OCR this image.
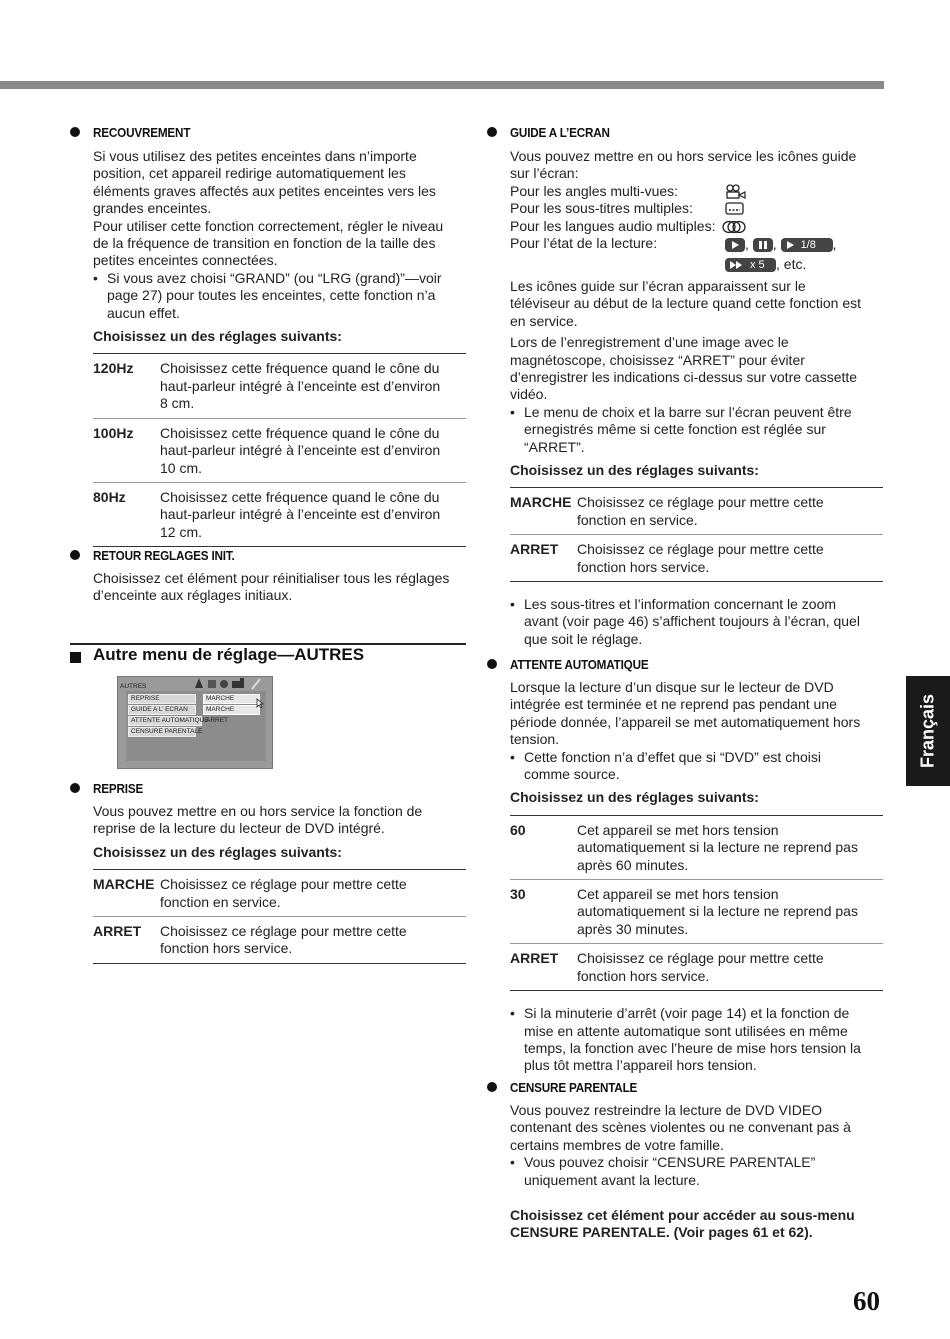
RECOUVREMENT

Si vous utilisez des petites enceintes dans n’importe

position, cet appareil redirige automatiquement les

éléments graves affectés aux petites enceintes vers les

grandes enceintes.

Pour utiliser cette fonction correctement, régler le niveau

de la fréquence de transition en fonction de la taille des

petites enceintes connectées.

• Si vous avez choisi “GRAND” (ou “LRG (grand)”—voir

page 27) pour toutes les enceintes, cette fonction n’a

aucun effet.

Choisissez un des réglages suivants:

120Hz	Choisissez cette fréquence quand le cône du
haut-parleur intégré à l’enceinte est d’environ
8 cm.

100Hz	Choisissez cette fréquence quand le cône du
haut-parleur intégré à l’enceinte est d’environ
10 cm.

80Hz	Choisissez cette fréquence quand le cône du
haut-parleur intégré à l’enceinte est d’environ
12 cm.
RETOUR REGLAGES INIT.

Choisissez cet élément pour réinitialiser tous les réglages

d’enceinte aux réglages initiaux.

Autre menu de réglage—AUTRES
AUTRES
REPRISE
GUIDE A L’ ECRAN
ATTENTE AUTOMATIQUE
CENSURE PARENTALE
MARCHE
MARCHE
ARRET
REPRISE

Vous pouvez mettre en ou hors service la fonction de

reprise de la lecture du lecteur de DVD intégré.

Choisissez un des réglages suivants:

MARCHE	Choisissez ce réglage pour mettre cette
fonction en service.

ARRET	Choisissez ce réglage pour mettre cette
fonction hors service.
GUIDE A L’ECRAN

Vous pouvez mettre en ou hors service les icônes guide

sur l’écran:

Pour les angles multi-vues:
Pour les sous-titres multiples:
Pour les langues audio multiples:
Pour l’état de la lecture:	, , 1/8 ,
x 5 , etc.

Les icônes guide sur l’écran apparaissent sur le

téléviseur au début de la lecture quand cette fonction est

en service.

Lors de l’enregistrement d’une image avec le

magnétoscope, choisissez “ARRET” pour éviter

d’enregistrer les indications ci-dessus sur votre cassette

vidéo.

• Le menu de choix et la barre sur l’écran peuvent être

ernegistrés même si cette fonction est réglée sur

“ARRET”.

Choisissez un des réglages suivants:

MARCHE	Choisissez ce réglage pour mettre cette
fonction en service.

ARRET	Choisissez ce réglage pour mettre cette
fonction hors service.

• Les sous-titres et l’information concernant le zoom

avant (voir page 46) s’affichent toujours à l’écran, quel

que soit le réglage.

ATTENTE AUTOMATIQUE

Lorsque la lecture d’un disque sur le lecteur de DVD

intégrée est terminée et ne reprend pas pendant une

période donnée, l’appareil se met automatiquement hors

tension.

• Cette fonction n’a d’effet que si “DVD” est choisi

comme source.

Choisissez un des réglages suivants:

60	Cet appareil se met hors tension
automatiquement si la lecture ne reprend pas
après 60 minutes.

30	Cet appareil se met hors tension
automatiquement si la lecture ne reprend pas
après 30 minutes.

ARRET	Choisissez ce réglage pour mettre cette
fonction hors service.

• Si la minuterie d’arrêt (voir page 14) et la fonction de

mise en attente automatique sont utilisées en même

temps, la fonction avec l’heure de mise hors tension la

plus tôt mettra l’appareil hors tension.

CENSURE PARENTALE

Vous pouvez restreindre la lecture de DVD VIDEO

contenant des scènes violentes ou ne convenant pas à

certains membres de votre famille.

• Vous pouvez choisir “CENSURE PARENTALE”

uniquement avant la lecture.

Choisissez cet élément pour accéder au sous-menu

CENSURE PARENTALE. (Voir pages 61 et 62).

Français
60
